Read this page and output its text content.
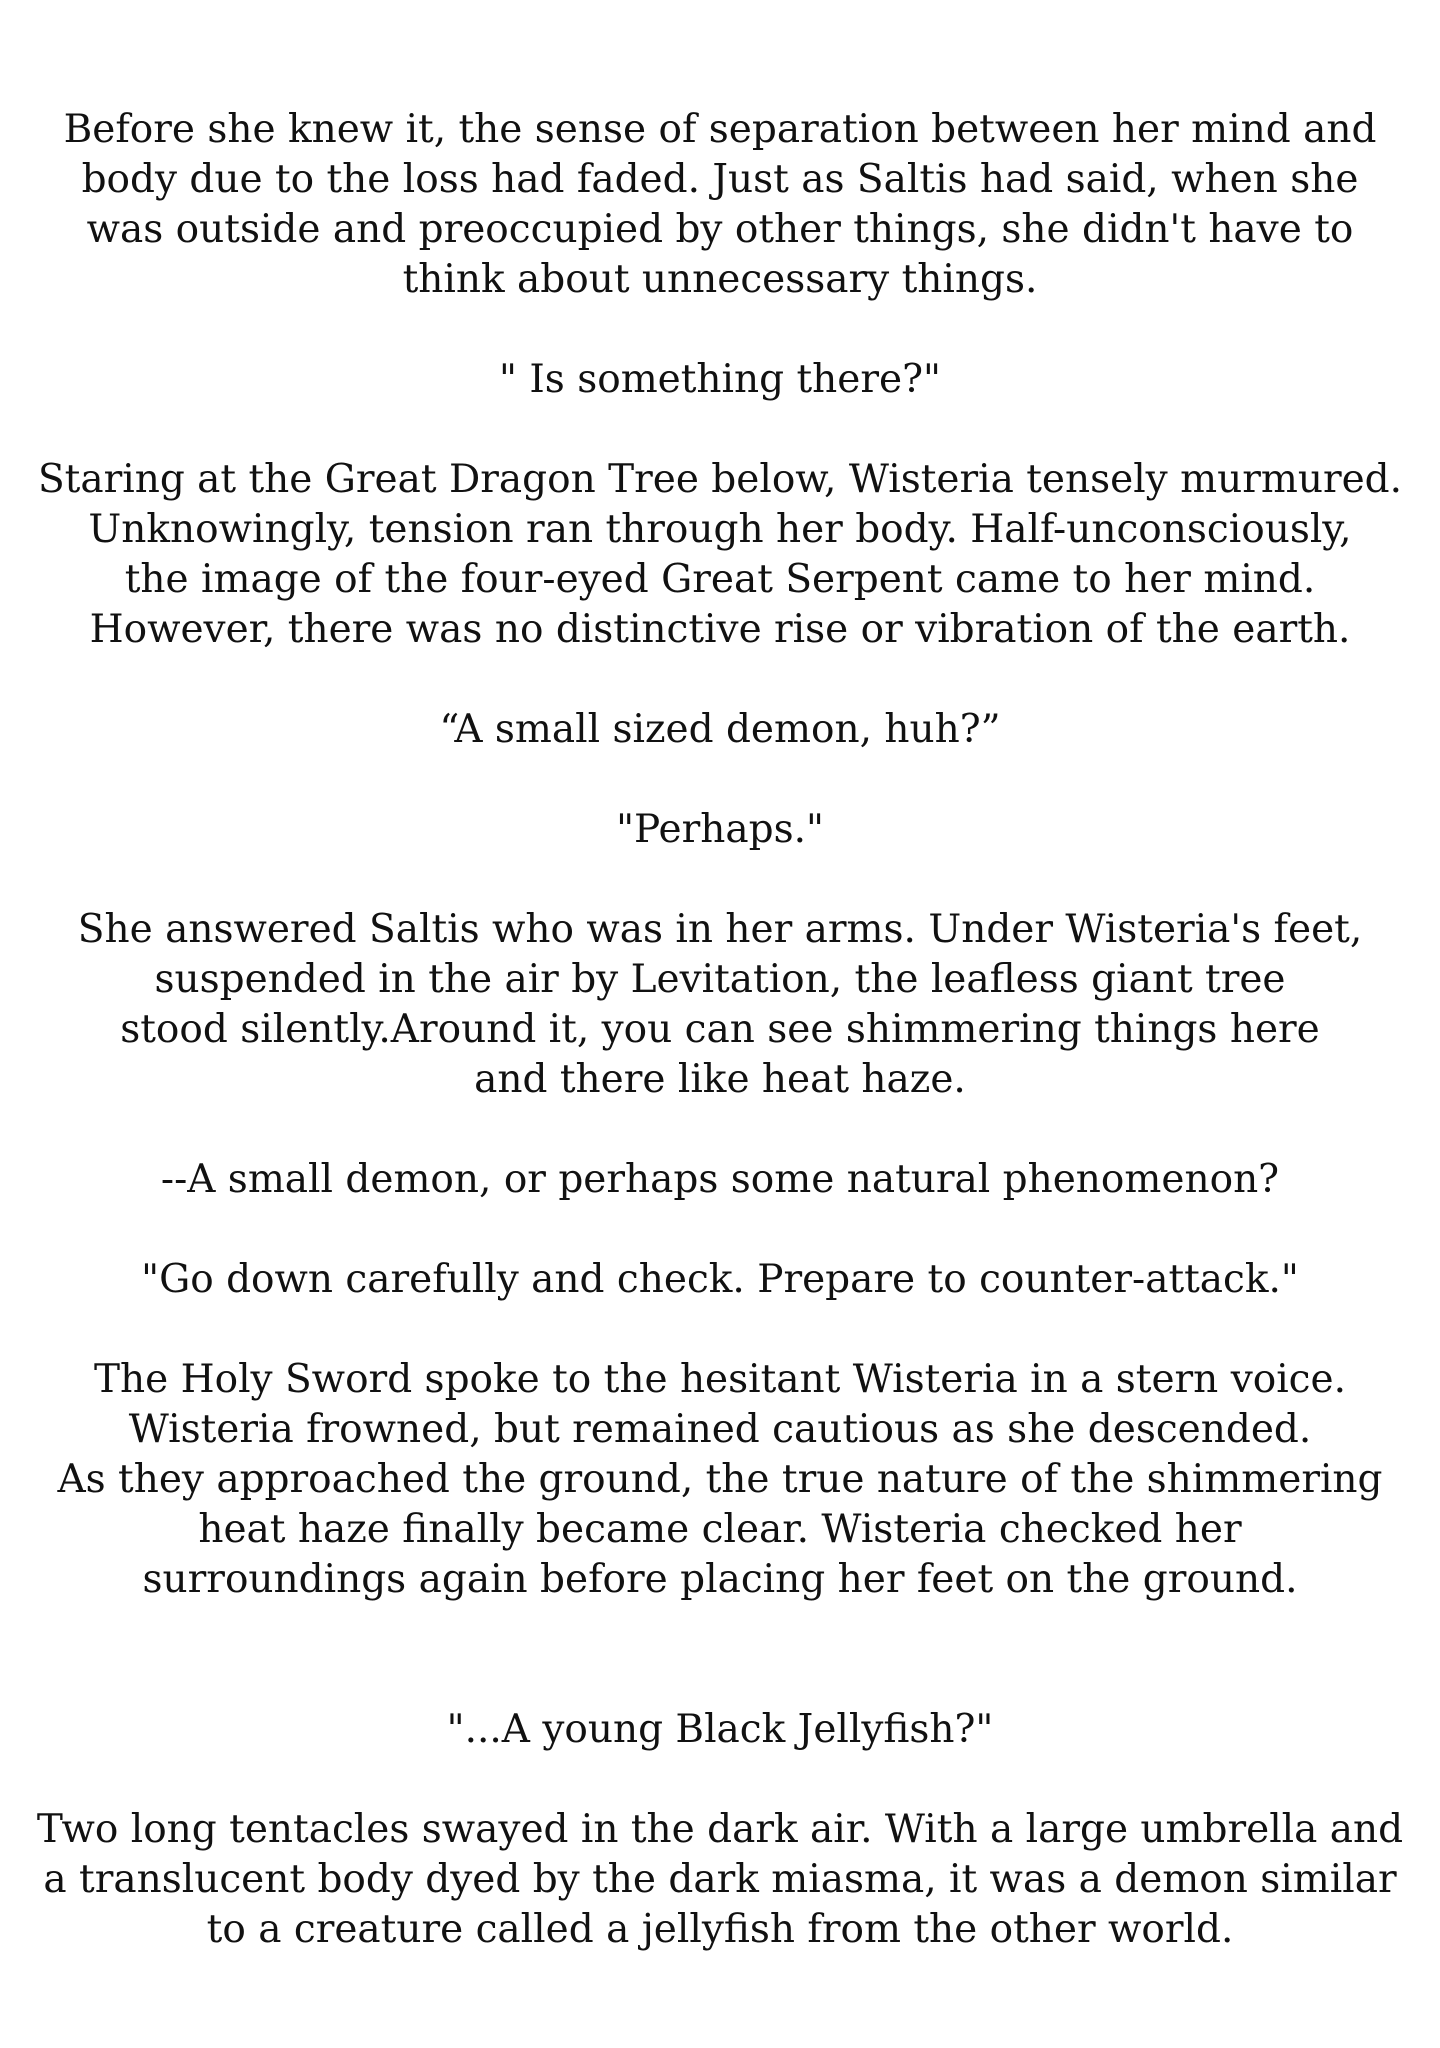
Before she knew it, the sense of separation between her mind and

body due to the loss had faded. Just as Saltis had said, when she

was outside and preoccupied by other things, she didn't have to

think about unnecessary things.

" Is something there?"

Staring at the Great Dragon Tree below, Wisteria tensely murmured.

Unknowingly, tension ran through her body. Half-unconsciously,

the image of the four-eyed Great Serpent came to her mind.

However, there was no distinctive rise or vibration of the earth.

“A small sized demon, huh?”

"Perhaps."

She answered Saltis who was in her arms. Under Wisteria's feet,

suspended in the air by Levitation, the leafless giant tree

stood silently.Around it, you can see shimmering things here

and there like heat haze.

--A small demon, or perhaps some natural phenomenon?

"Go down carefully and check. Prepare to counter-attack."

The Holy Sword spoke to the hesitant Wisteria in a stern voice.

Wisteria frowned, but remained cautious as she descended.

As they approached the ground, the true nature of the shimmering

heat haze finally became clear. Wisteria checked her

surroundings again before placing her feet on the ground.

"...A young Black Jellyfish?"

Two long tentacles swayed in the dark air. With a large umbrella and

a translucent body dyed by the dark miasma, it was a demon similar

to a creature called a jellyfish from the other world.
